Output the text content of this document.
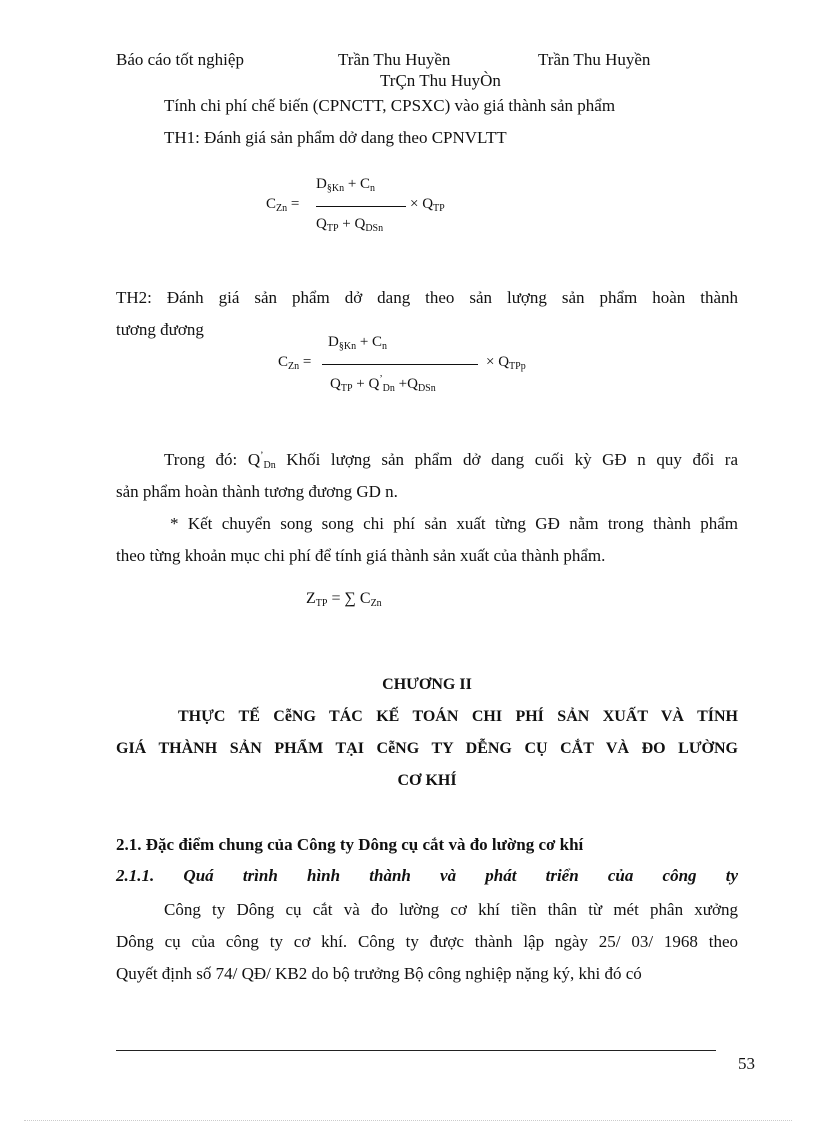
Báo cáo tốt nghiệp	Trần Thu Huyền	Trần Thu Huyền
TrÇn Thu HuyÒn
Tính chi phí chế biến (CPNCTT, CPSXC) vào giá thành sản phẩm
TH1: Đánh giá sản phẩm dở dang theo CPNVLTT
$C_{Zn}$ =
$D_{\S Kn} + C_n$
× $Q_{TP}$
$Q_{TP} + Q_{DSn}$
TH2: Đánh giá sản phẩm dở dang theo sản lượng sản phẩm hoàn thành
tương đương
$C_{Zn}$ =
$D_{\S Kn} + C_n$
× $Q_{TPp}$
$Q_{TP} + Q^’_{Dn} +Q_{DSn}$
Trong đó: $Q^’_{Dn}$ Khối lượng sản phẩm dở dang cuối kỳ GĐ n quy đổi ra
sản phẩm hoàn thành tương đương GD n.
* Kết chuyển song song chi phí sản xuất từng GĐ nằm trong thành phẩm
theo từng khoản mục chi phí để tính giá thành sản xuất của thành phẩm.
$Z_{TP}$ = ∑ $C_{Zn}$
CHƯƠNG II
THỰC TẾ CễNG TÁC KẾ TOÁN CHI PHÍ SẢN XUẤT VÀ TÍNH
GIÁ THÀNH SẢN PHẨM TẠI CễNG TY DỄNG CỤ CẮT VÀ ĐO LƯỜNG
CƠ KHÍ
2.1. Đặc điểm chung của Công ty Dông cụ cắt và đo lường cơ khí
2.1.1. Quá trình hình thành và phát triển của công ty
Công ty Dông cụ cắt và đo lường cơ khí tiền thân từ mét phân xưởng
Dông cụ của công ty cơ khí. Công ty được thành lập ngày 25/ 03/ 1968 theo
Quyết định số 74/ QĐ/ KB2 do bộ trưởng Bộ công nghiệp nặng ký, khi đó có
53
